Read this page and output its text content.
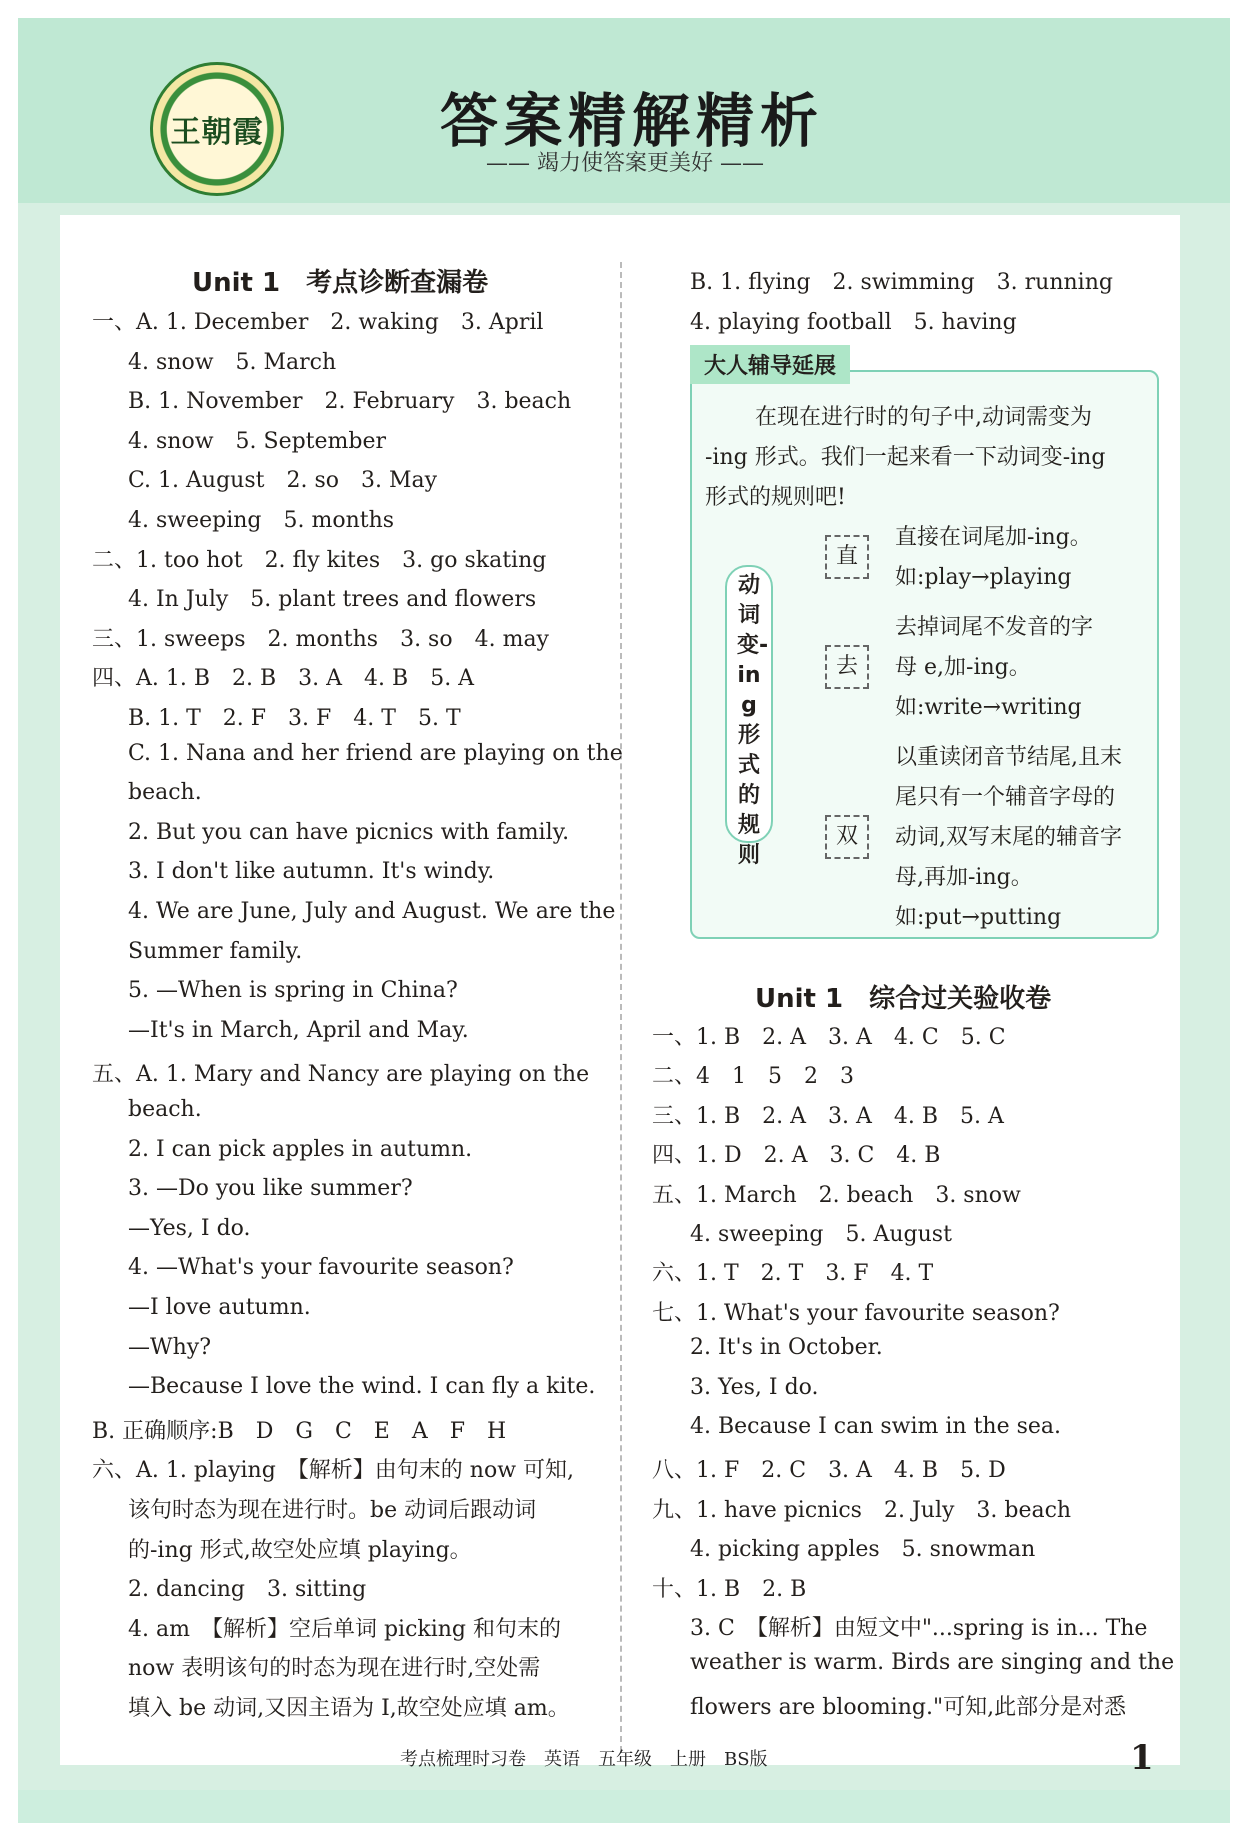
王朝霞	答案精解精析
—— 竭力使答案更美好 ——
Unit 1　考点诊断查漏卷
一、A. 1. December　2. waking　3. April
4. snow　5. March
B. 1. November　2. February　3. beach
4. snow　5. September
C. 1. August　2. so　3. May
4. sweeping　5. months
二、1. too hot　2. fly kites　3. go skating
4. In July　5. plant trees and flowers
三、1. sweeps　2. months　3. so　4. may
四、A. 1. B　2. B　3. A　4. B　5. A
B. 1. T　2. F　3. F　4. T　5. T
C. 1. Nana and her friend are playing on the
beach.
2. But you can have picnics with family.
3. I don't like autumn. It's windy.
4. We are June, July and August. We are the
Summer family.
5. —When is spring in China?
—It's in March, April and May.
五、A. 1. Mary and Nancy are playing on the
beach.
2. I can pick apples in autumn.
3. —Do you like summer?
—Yes, I do.
4. —What's your favourite season?
—I love autumn.
—Why?
—Because I love the wind. I can fly a kite.
B. 正确顺序:B　D　G　C　E　A　F　H
六、A. 1. playing　【解析】由句末的 now 可知,
该句时态为现在进行时。be 动词后跟动词
的-ing 形式,故空处应填 playing。
2. dancing　3. sitting
4. am　【解析】空后单词 picking 和句末的
now 表明该句的时态为现在进行时,空处需
填入 be 动词,又因主语为 I,故空处应填 am。
B. 1. flying　2. swimming　3. running
4. playing football　5. having
大人辅导延展
在现在进行时的句子中,动词需变为
-ing 形式。我们一起来看一下动词变-ing
形式的规则吧!
动词变-ing形式的规则
直
直接在词尾加-ing。
如:play→playing
去
去掉词尾不发音的字
母 e,加-ing。
如:write→writing
双
以重读闭音节结尾,且末
尾只有一个辅音字母的
动词,双写末尾的辅音字
母,再加-ing。
如:put→putting
Unit 1　综合过关验收卷
一、1. B　2. A　3. A　4. C　5. C
二、4　1　5　2　3
三、1. B　2. A　3. A　4. B　5. A
四、1. D　2. A　3. C　4. B
五、1. March　2. beach　3. snow
4. sweeping　5. August
六、1. T　2. T　3. F　4. T
七、1. What's your favourite season?
2. It's in October.
3. Yes, I do.
4. Because I can swim in the sea.
八、1. F　2. C　3. A　4. B　5. D
九、1. have picnics　2. July　3. beach
4. picking apples　5. snowman
十、1. B　2. B
3. C　【解析】由短文中"...spring is in... The
weather is warm. Birds are singing and the
flowers are blooming."可知,此部分是对悉
考点梳理时习卷　英语　五年级　上册　BS版	1
